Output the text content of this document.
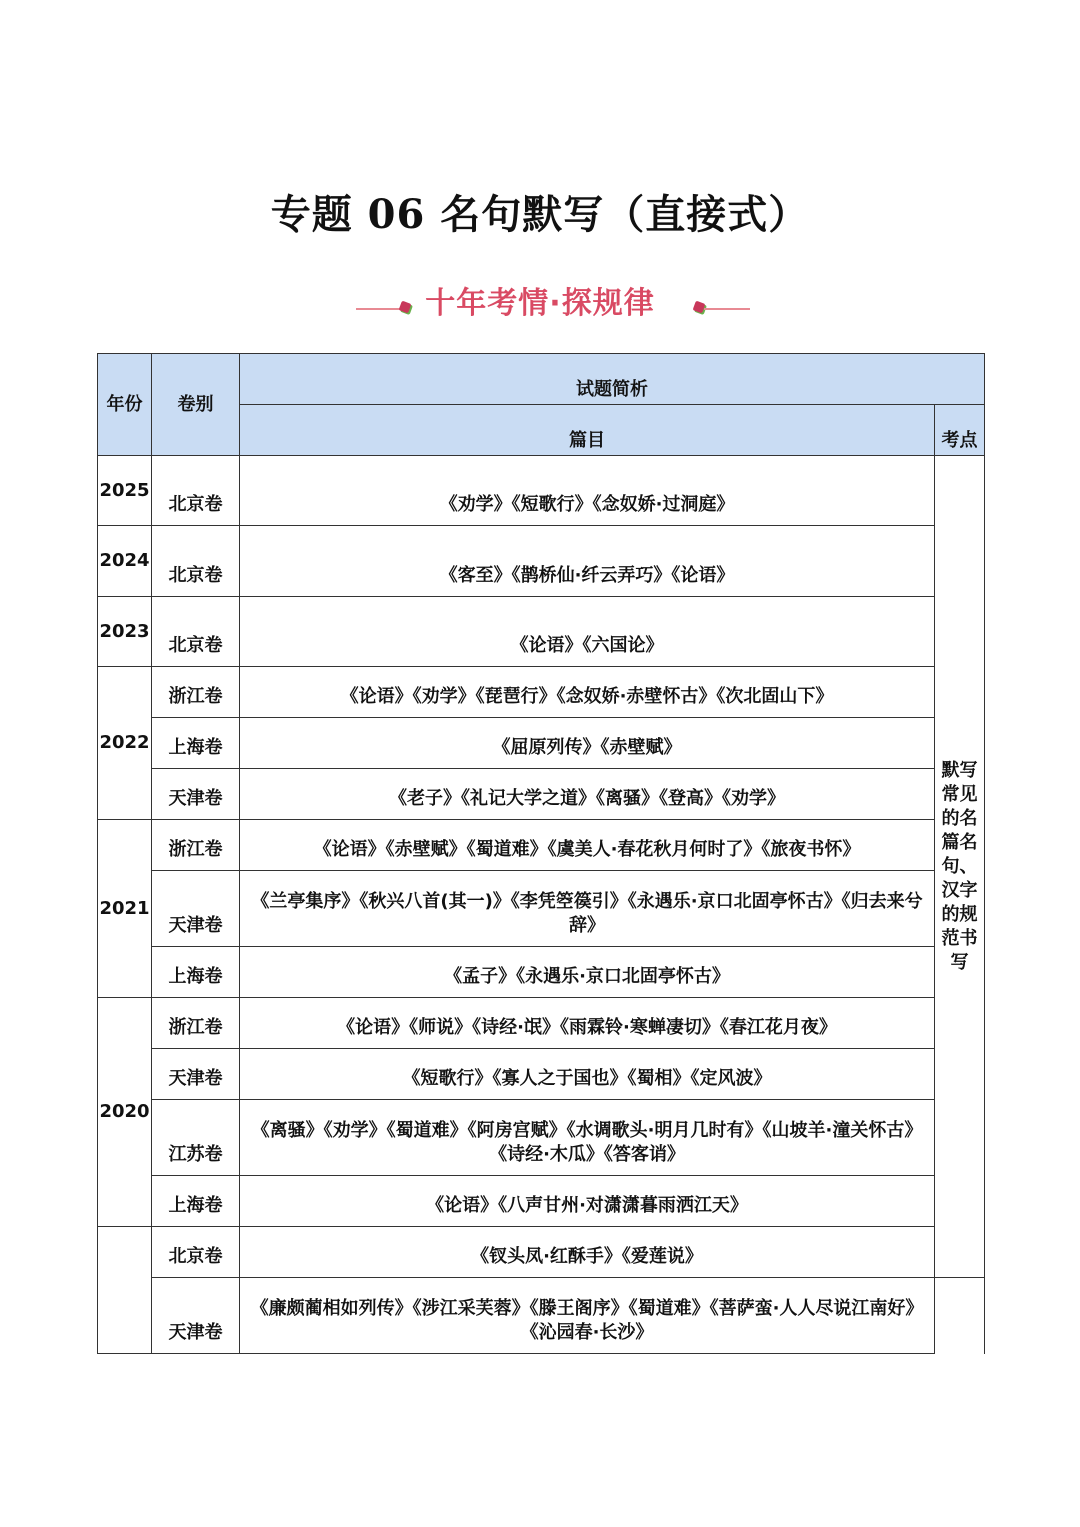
专题 06 名句默写（直接式）
十年考情·探规律
年份	卷别	试题简析	
		篇目	考点
2025	北京卷	《劝学》《短歌行》《念奴娇·过洞庭》	默写常见的名篇名句、汉字的规范书写
2024	北京卷	《客至》《鹊桥仙·纤云弄巧》《论语》	
2023	北京卷	《论语》《六国论》	
2022	浙江卷	《论语》《劝学》《琵琶行》《念奴娇·赤壁怀古》《次北固山下》	
	上海卷	《屈原列传》《赤壁赋》	
	天津卷	《老子》《礼记大学之道》《离骚》《登高》《劝学》	
2021	浙江卷	《论语》《赤壁赋》《蜀道难》《虞美人·春花秋月何时了》《旅夜书怀》	
	天津卷	《兰亭集序》《秋兴八首(其一)》《李凭箜篌引》《永遇乐·京口北固亭怀古》《归去来兮辞》	
	上海卷	《孟子》《永遇乐·京口北固亭怀古》	
2020	浙江卷	《论语》《师说》《诗经·氓》《雨霖铃·寒蝉凄切》《春江花月夜》	
	天津卷	《短歌行》《寡人之于国也》《蜀相》《定风波》	
	江苏卷	《离骚》《劝学》《蜀道难》《阿房宫赋》《水调歌头·明月几时有》《山坡羊·潼关怀古》《诗经·木瓜》《答客诮》	
	上海卷	《论语》《八声甘州·对潇潇暮雨洒江天》	
	北京卷	《钗头凤·红酥手》《爱莲说》	
	天津卷	《廉颇蔺相如列传》《涉江采芙蓉》《滕王阁序》《蜀道难》《菩萨蛮·人人尽说江南好》《沁园春·长沙》	
